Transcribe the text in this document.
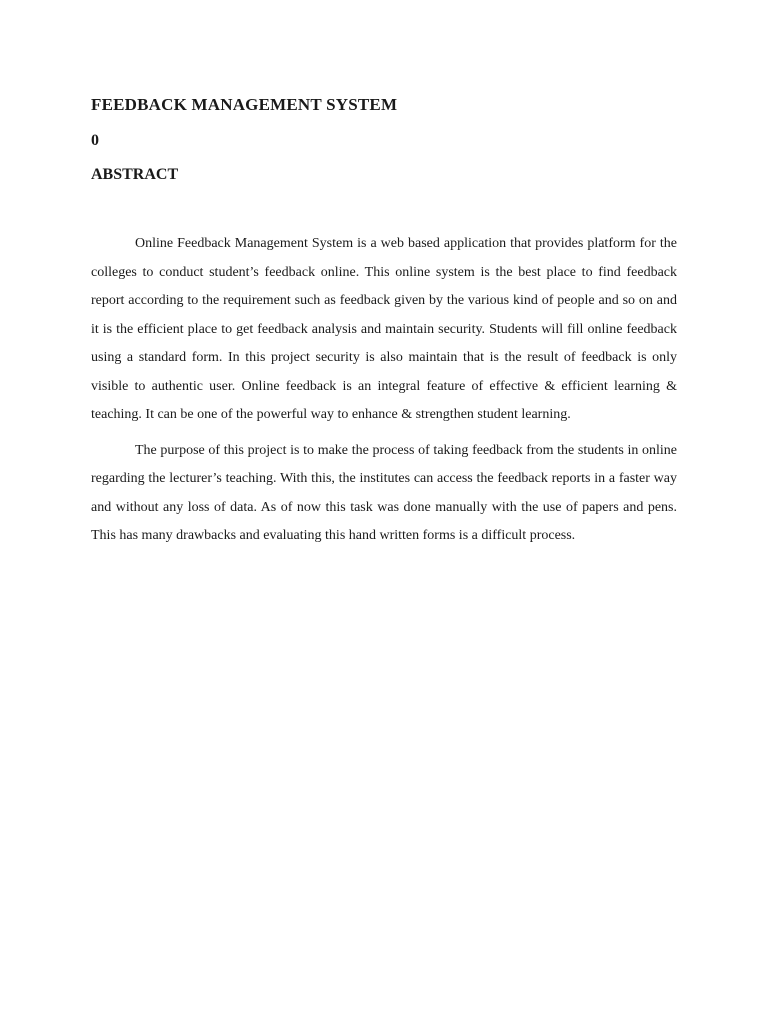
FEEDBACK MANAGEMENT SYSTEM
0
ABSTRACT

Online Feedback Management System is a web based application that provides platform for the colleges to conduct student’s feedback online. This online system is the best place to find feedback report according to the requirement such as feedback given by the various kind of people and so on and it is the efficient place to get feedback analysis and maintain security. Students will fill online feedback using a standard form. In this project security is also maintain that is the result of feedback is only visible to authentic user. Online feedback is an integral feature of effective & efficient learning & teaching. It can be one of the powerful way to enhance & strengthen student learning.

The purpose of this project is to make the process of taking feedback from the students in online regarding the lecturer’s teaching. With this, the institutes can access the feedback reports in a faster way and without any loss of data. As of now this task was done manually with the use of papers and pens. This has many drawbacks and evaluating this hand written forms is a difficult process.
